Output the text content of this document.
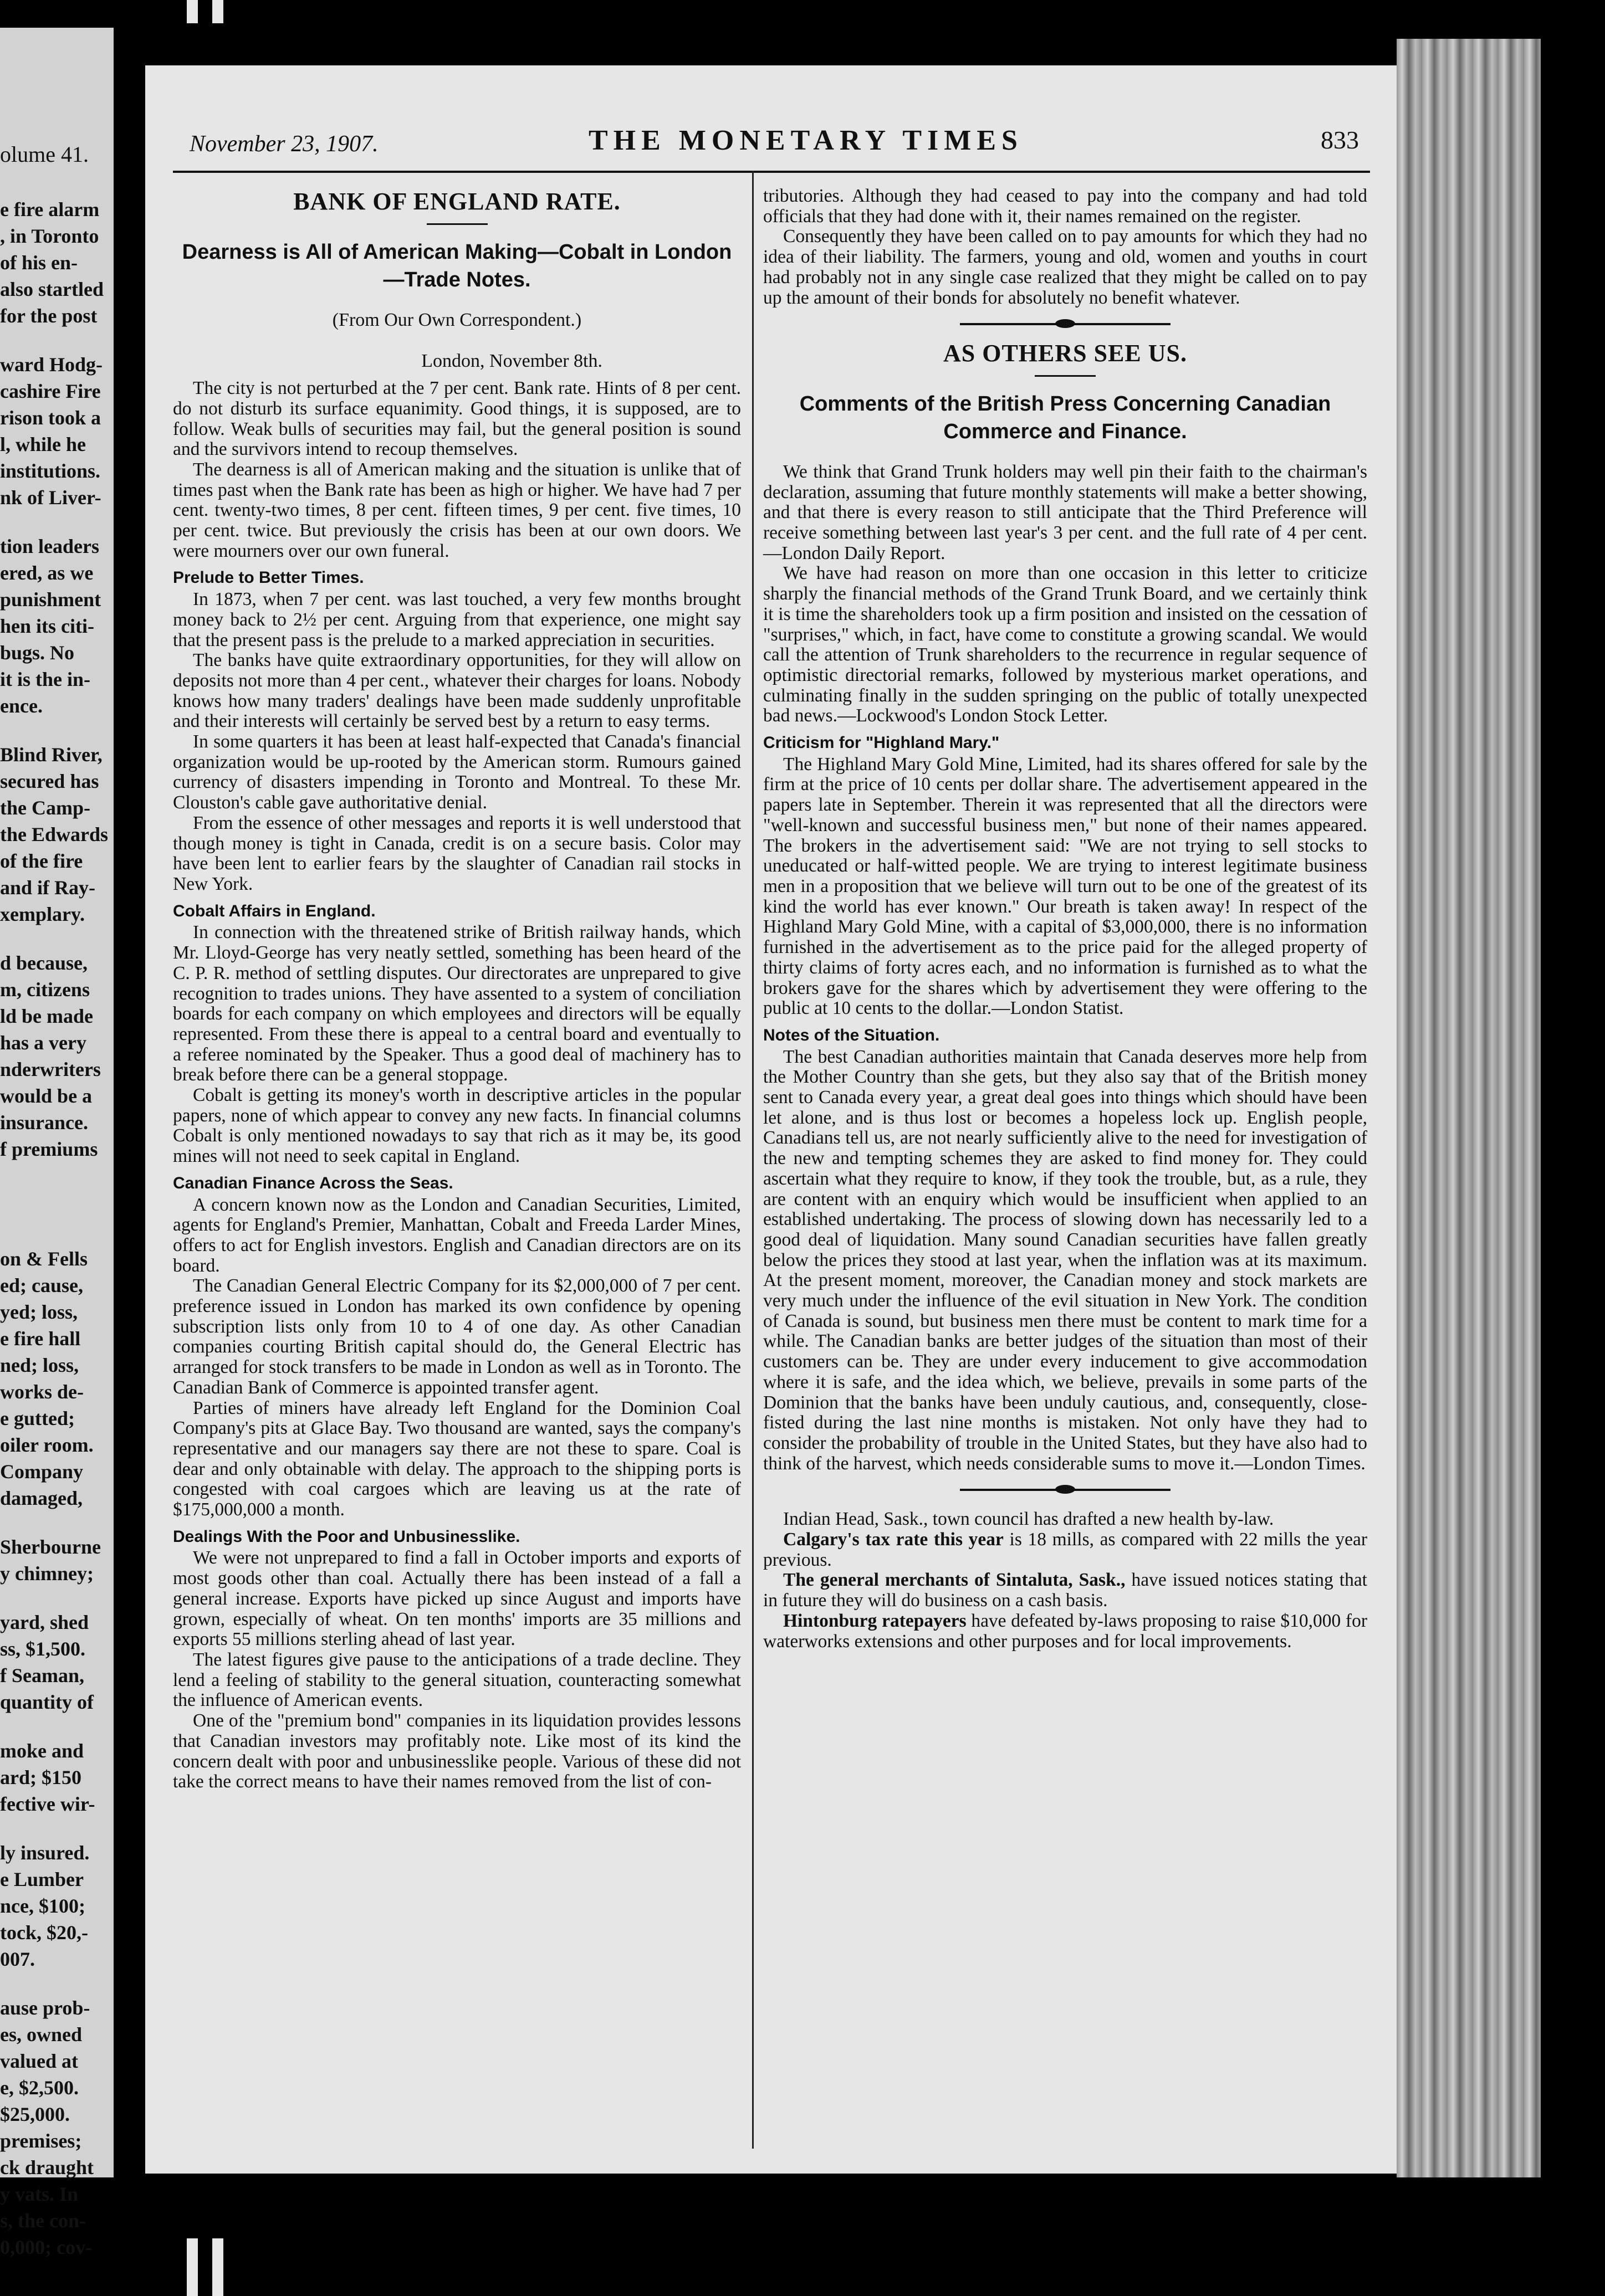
olume 41.
e fire alarm
, in Toronto
of his en-
also startled
for the post
ward Hodg-
cashire Fire
rison took a
l, while he
institutions.
nk of Liver-
tion leaders
ered, as we
punishment
hen its citi-
bugs. No
it is the in-
ence.
Blind River,
secured has
the Camp-
the Edwards
of the fire
and if Ray-
xemplary.
d because,
m, citizens
ld be made
has a very
nderwriters
would be a
insurance.
f premiums
on & Fells
ed; cause,
yed; loss,
e fire hall
ned; loss,
works de-
e gutted;
oiler room.
Company
damaged,
Sherbourne
y chimney;
yard, shed
ss, $1,500.
f Seaman,
quantity of
moke and
ard; $150
fective wir-
ly insured.
e Lumber
nce, $100;
tock, $20,-
007.
ause prob-
es, owned
valued at
e, $2,500.
$25,000.
premises;
ck draught
y vats. In
s, the con-
0,000; cov-
November 23, 1907.	THE MONETARY TIMES	833
BANK OF ENGLAND RATE.
Dearness is All of American Making—Cobalt in London
—Trade Notes.
(From Our Own Correspondent.)
London, November 8th.

The city is not perturbed at the 7 per cent. Bank rate. Hints of 8 per cent. do not disturb its surface equanimity. Good things, it is supposed, are to follow. Weak bulls of securities may fail, but the general position is sound and the survivors intend to recoup themselves.

The dearness is all of American making and the situation is unlike that of times past when the Bank rate has been as high or higher. We have had 7 per cent. twenty-two times, 8 per cent. fifteen times, 9 per cent. five times, 10 per cent. twice. But previously the crisis has been at our own doors. We were mourners over our own funeral.

Prelude to Better Times.

In 1873, when 7 per cent. was last touched, a very few months brought money back to 2½ per cent. Arguing from that experience, one might say that the present pass is the prelude to a marked appreciation in securities.

The banks have quite extraordinary opportunities, for they will allow on deposits not more than 4 per cent., whatever their charges for loans. Nobody knows how many traders' dealings have been made suddenly unprofitable and their interests will certainly be served best by a return to easy terms.

In some quarters it has been at least half-expected that Canada's financial organization would be up-rooted by the American storm. Rumours gained currency of disasters impending in Toronto and Montreal. To these Mr. Clouston's cable gave authoritative denial.

From the essence of other messages and reports it is well understood that though money is tight in Canada, credit is on a secure basis. Color may have been lent to earlier fears by the slaughter of Canadian rail stocks in New York.

Cobalt Affairs in England.

In connection with the threatened strike of British railway hands, which Mr. Lloyd-George has very neatly settled, something has been heard of the C. P. R. method of settling disputes. Our directorates are unprepared to give recognition to trades unions. They have assented to a system of conciliation boards for each company on which employees and directors will be equally represented. From these there is appeal to a central board and eventually to a referee nominated by the Speaker. Thus a good deal of machinery has to break before there can be a general stoppage.

Cobalt is getting its money's worth in descriptive articles in the popular papers, none of which appear to convey any new facts. In financial columns Cobalt is only mentioned nowadays to say that rich as it may be, its good mines will not need to seek capital in England.

Canadian Finance Across the Seas.

A concern known now as the London and Canadian Securities, Limited, agents for England's Premier, Manhattan, Cobalt and Freeda Larder Mines, offers to act for English investors. English and Canadian directors are on its board.

The Canadian General Electric Company for its $2,000,000 of 7 per cent. preference issued in London has marked its own confidence by opening subscription lists only from 10 to 4 of one day. As other Canadian companies courting British capital should do, the General Electric has arranged for stock transfers to be made in London as well as in Toronto. The Canadian Bank of Commerce is appointed transfer agent.

Parties of miners have already left England for the Dominion Coal Company's pits at Glace Bay. Two thousand are wanted, says the company's representative and our managers say there are not these to spare. Coal is dear and only obtainable with delay. The approach to the shipping ports is congested with coal cargoes which are leaving us at the rate of $175,000,000 a month.

Dealings With the Poor and Unbusinesslike.

We were not unprepared to find a fall in October imports and exports of most goods other than coal. Actually there has been instead of a fall a general increase. Exports have picked up since August and imports have grown, especially of wheat. On ten months' imports are 35 millions and exports 55 millions sterling ahead of last year.

The latest figures give pause to the anticipations of a trade decline. They lend a feeling of stability to the general situation, counteracting somewhat the influence of American events.

One of the "premium bond" companies in its liquidation provides lessons that Canadian investors may profitably note. Like most of its kind the concern dealt with poor and unbusinesslike people. Various of these did not take the correct means to have their names removed from the list of con-

tributories. Although they had ceased to pay into the company and had told officials that they had done with it, their names remained on the register.

Consequently they have been called on to pay amounts for which they had no idea of their liability. The farmers, young and old, women and youths in court had probably not in any single case realized that they might be called on to pay up the amount of their bonds for absolutely no benefit whatever.

AS OTHERS SEE US.
Comments of the British Press Concerning Canadian
Commerce and Finance.

We think that Grand Trunk holders may well pin their faith to the chairman's declaration, assuming that future monthly statements will make a better showing, and that there is every reason to still anticipate that the Third Preference will receive something between last year's 3 per cent. and the full rate of 4 per cent.—London Daily Report.

We have had reason on more than one occasion in this letter to criticize sharply the financial methods of the Grand Trunk Board, and we certainly think it is time the shareholders took up a firm position and insisted on the cessation of "surprises," which, in fact, have come to constitute a growing scandal. We would call the attention of Trunk shareholders to the recurrence in regular sequence of optimistic directorial remarks, followed by mysterious market operations, and culminating finally in the sudden springing on the public of totally unexpected bad news.—Lockwood's London Stock Letter.

Criticism for "Highland Mary."

The Highland Mary Gold Mine, Limited, had its shares offered for sale by the firm at the price of 10 cents per dollar share. The advertisement appeared in the papers late in September. Therein it was represented that all the directors were "well-known and successful business men," but none of their names appeared. The brokers in the advertisement said: "We are not trying to sell stocks to uneducated or half-witted people. We are trying to interest legitimate business men in a proposition that we believe will turn out to be one of the greatest of its kind the world has ever known." Our breath is taken away! In respect of the Highland Mary Gold Mine, with a capital of $3,000,000, there is no information furnished in the advertisement as to the price paid for the alleged property of thirty claims of forty acres each, and no information is furnished as to what the brokers gave for the shares which by advertisement they were offering to the public at 10 cents to the dollar.—London Statist.

Notes of the Situation.

The best Canadian authorities maintain that Canada deserves more help from the Mother Country than she gets, but they also say that of the British money sent to Canada every year, a great deal goes into things which should have been let alone, and is thus lost or becomes a hopeless lock up. English people, Canadians tell us, are not nearly sufficiently alive to the need for investigation of the new and tempting schemes they are asked to find money for. They could ascertain what they require to know, if they took the trouble, but, as a rule, they are content with an enquiry which would be insufficient when applied to an established undertaking. The process of slowing down has necessarily led to a good deal of liquidation. Many sound Canadian securities have fallen greatly below the prices they stood at last year, when the inflation was at its maximum. At the present moment, moreover, the Canadian money and stock markets are very much under the influence of the evil situation in New York. The condition of Canada is sound, but business men there must be content to mark time for a while. The Canadian banks are better judges of the situation than most of their customers can be. They are under every inducement to give accommodation where it is safe, and the idea which, we believe, prevails in some parts of the Dominion that the banks have been unduly cautious, and, consequently, close-fisted during the last nine months is mistaken. Not only have they had to consider the probability of trouble in the United States, but they have also had to think of the harvest, which needs considerable sums to move it.—London Times.

Indian Head, Sask., town council has drafted a new health by-law.

Calgary's tax rate this year is 18 mills, as compared with 22 mills the year previous.

The general merchants of Sintaluta, Sask., have issued notices stating that in future they will do business on a cash basis.

Hintonburg ratepayers have defeated by-laws proposing to raise $10,000 for waterworks extensions and other purposes and for local improvements.
